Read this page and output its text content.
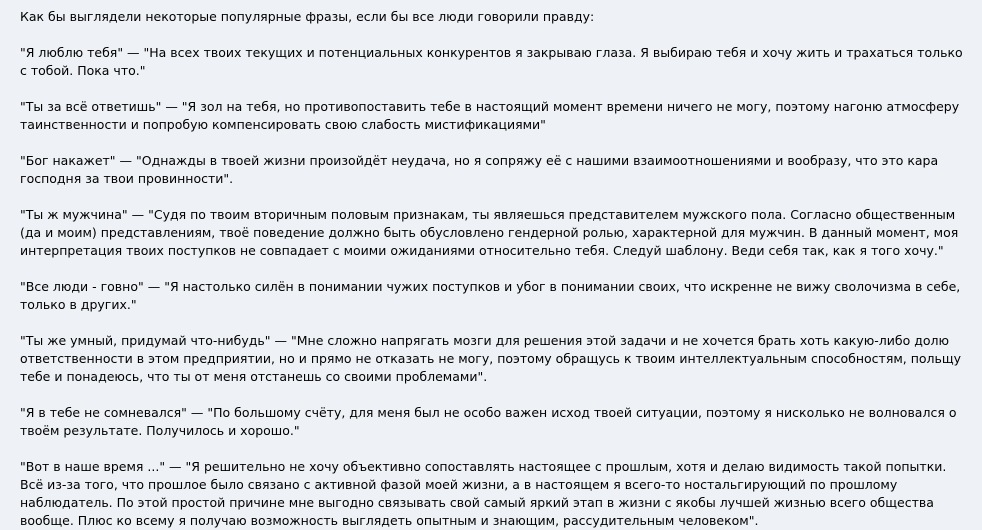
Как бы выглядели некоторые популярные фразы, если бы все люди говорили правду:

"Я люблю тебя" — "На всех твоих текущих и потенциальных конкурентов я закрываю глаза. Я выбираю тебя и хочу жить и трахаться только с тобой. Пока что."

"Ты за всё ответишь" — "Я зол на тебя, но противопоставить тебе в настоящий момент времени ничего не могу, поэтому нагоню атмосферу таинственности и попробую компенсировать свою слабость мистификациями"

"Бог накажет" — "Однажды в твоей жизни произойдёт неудача, но я сопряжу её с нашими взаимоотношениями и вообразу, что это кара господня за твои провинности".

"Ты ж мужчина" — "Судя по твоим вторичным половым признакам, ты являешься представителем мужского пола. Согласно общественным (да и моим) представлениям, твоё поведение должно быть обусловлено гендерной ролью, характерной для мужчин. В данный момент, моя интерпретация твоих поступков не совпадает с моими ожиданиями относительно тебя. Следуй шаблону. Веди себя так, как я того хочу."

"Все люди - говно" — "Я настолько силён в понимании чужих поступков и убог в понимании своих, что искренне не вижу сволочизма в себе, только в других."

"Ты же умный, придумай что-нибудь" — "Мне сложно напрягать мозги для решения этой задачи и не хочется брать хоть какую-либо долю ответственности в этом предприятии, но и прямо не отказать не могу, поэтому обращусь к твоим интеллектуальным способностям, польщу тебе и понадеюсь, что ты от меня отстанешь со своими проблемами".

"Я в тебе не сомневался" — "По большому счёту, для меня был не особо важен исход твоей ситуации, поэтому я нисколько не волновался о твоём результате. Получилось и хорошо."

"Вот в наше время ..." — "Я решительно не хочу объективно сопоставлять настоящее с прошлым, хотя и делаю видимость такой попытки. Всё из-за того, что прошлое было связано с активной фазой моей жизни, а в настоящем я всего-то ностальгирующий по прошлому наблюдатель. По этой простой причине мне выгодно связывать свой самый яркий этап в жизни с якобы лучшей жизнью всего общества вообще. Плюс ко всему я получаю возможность выглядеть опытным и знающим, рассудительным человеком".
